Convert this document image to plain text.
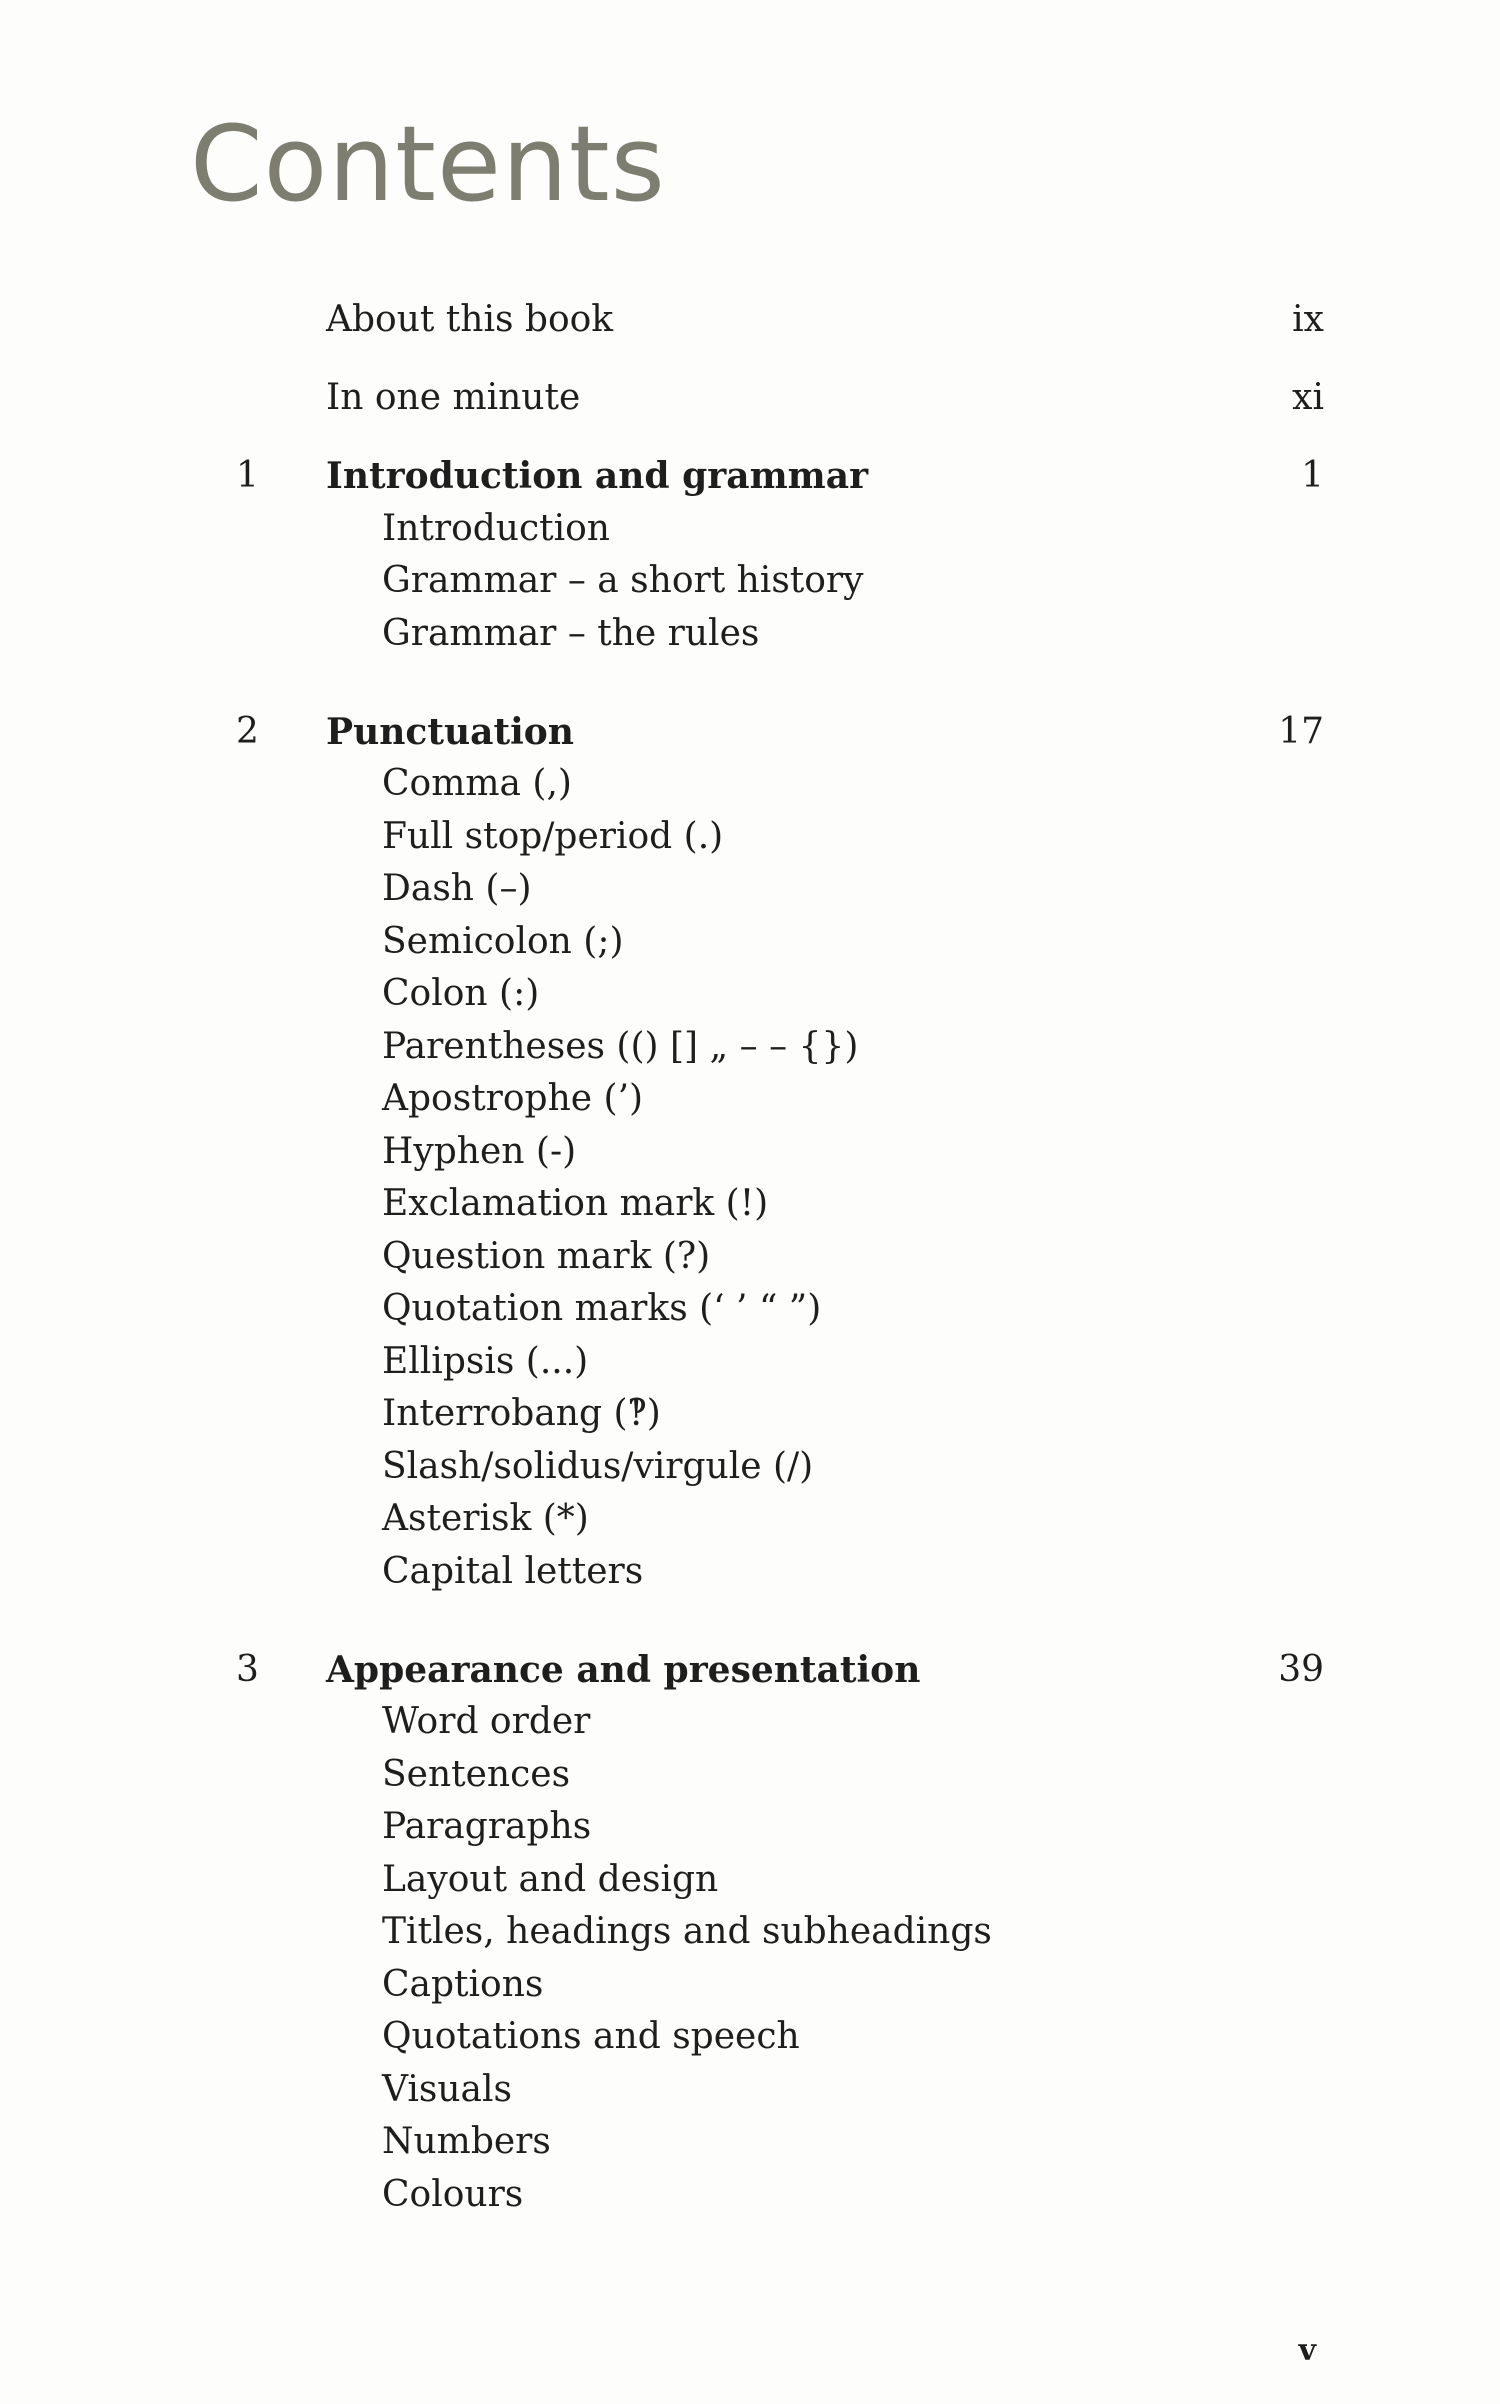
Contents
About this book	ix
In one minute	xi
1 Introduction and grammar	1
Introduction
Grammar – a short history
Grammar – the rules
2 Punctuation	17
Comma (,)
Full stop/period (.)
Dash (–)
Semicolon (;)
Colon (:)
Parentheses (() [] „ – – {})
Apostrophe (’)
Hyphen (-)
Exclamation mark (!)
Question mark (?)
Quotation marks (‘ ’ “ ”)
Ellipsis (...)
Interrobang (‽)
Slash/solidus/virgule (/)
Asterisk (*)
Capital letters
3 Appearance and presentation	39
Word order
Sentences
Paragraphs
Layout and design
Titles, headings and subheadings
Captions
Quotations and speech
Visuals
Numbers
Colours
v
